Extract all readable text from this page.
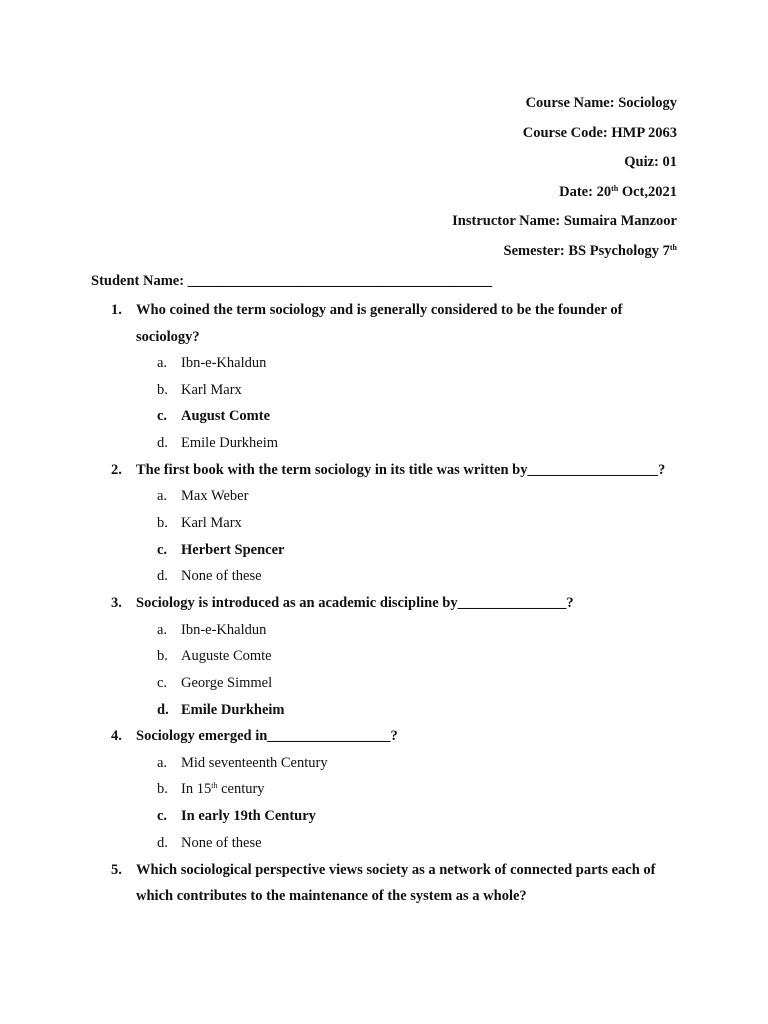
Course Name: Sociology
Course Code: HMP 2063
Quiz: 01
Date: 20th Oct,2021
Instructor Name: Sumaira Manzoor
Semester: BS Psychology 7th
Student Name: __________________________________________
1. Who coined the term sociology and is generally considered to be the founder of sociology?
a. Ibn-e-Khaldun
b. Karl Marx
c. August Comte
d. Emile Durkheim
2. The first book with the term sociology in its title was written by__________________?
a. Max Weber
b. Karl Marx
c. Herbert Spencer
d. None of these
3. Sociology is introduced as an academic discipline by_______________?
a. Ibn-e-Khaldun
b. Auguste Comte
c. George Simmel
d. Emile Durkheim
4. Sociology emerged in_________________?
a. Mid seventeenth Century
b. In 15th century
c. In early 19th Century
d. None of these
5. Which sociological perspective views society as a network of connected parts each of which contributes to the maintenance of the system as a whole?
